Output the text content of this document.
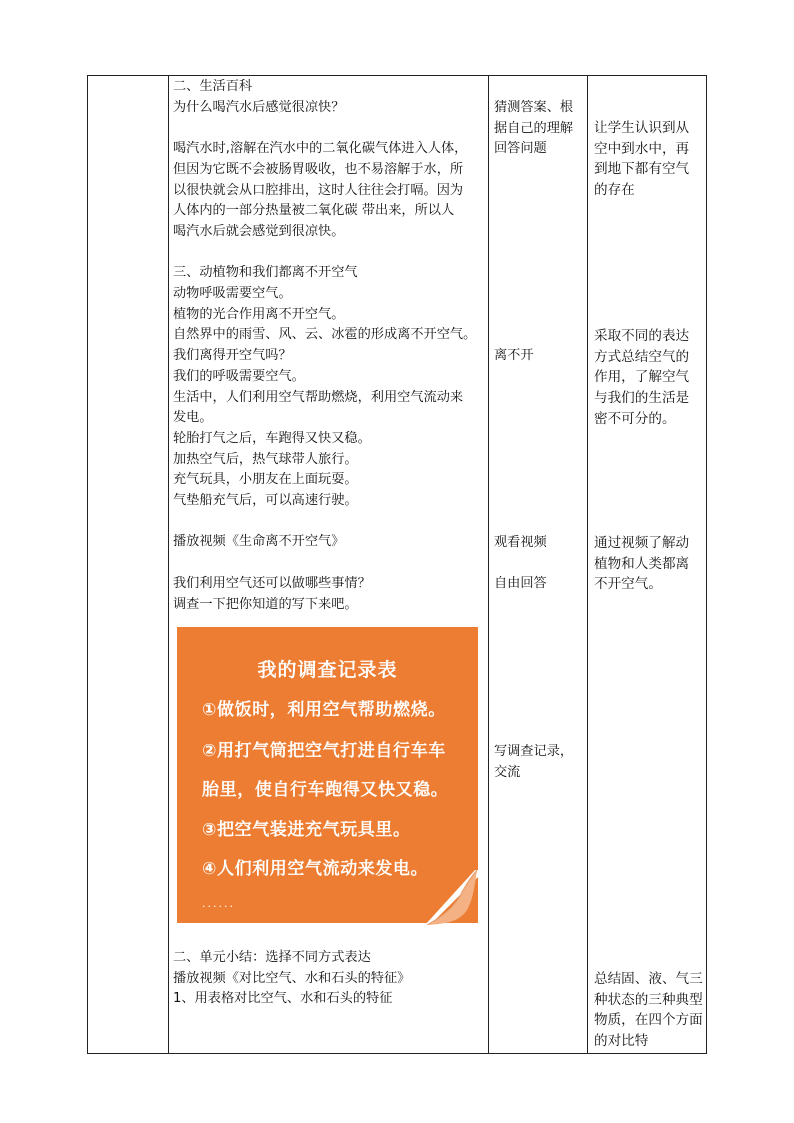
二、生活百科
为什么喝汽水后感觉很凉快？
喝汽水时,溶解在汽水中的二氧化碳气体进入人体，
但因为它既不会被肠胃吸收，也不易溶解于水，所
以很快就会从口腔排出，这时人往往会打嗝。因为
人体内的一部分热量被二氧化碳 带出来，所以人
喝汽水后就会感觉到很凉快。
三、动植物和我们都离不开空气
动物呼吸需要空气。
植物的光合作用离不开空气。
自然界中的雨雪、风、云、冰雹的形成离不开空气。
我们离得开空气吗？
我们的呼吸需要空气。
生活中，人们利用空气帮助燃烧，利用空气流动来
发电。
轮胎打气之后，车跑得又快又稳。
加热空气后，热气球带人旅行。
充气玩具，小朋友在上面玩耍。
气垫船充气后，可以高速行驶。
播放视频《生命离不开空气》
我们利用空气还可以做哪些事情？
调查一下把你知道的写下来吧。
我的调查记录表
①做饭时，利用空气帮助燃烧。
②用打气筒把空气打进自行车车
胎里，使自行车跑得又快又稳。
③把空气装进充气玩具里。
④人们利用空气流动来发电。
......
二、单元小结：选择不同方式表达
播放视频《对比空气、水和石头的特征》
1、用表格对比空气、水和石头的特征

猜测答案、根据自己的理解回答问题

离不开

观看视频

自由回答

写调查记录，交流

让学生认识到从空中到水中，再到地下都有空气的存在

采取不同的表达方式总结空气的作用，了解空气与我们的生活是密不可分的。

通过视频了解动植物和人类都离不开空气。

总结固、液、气三种状态的三种典型物质，在四个方面的对比特
